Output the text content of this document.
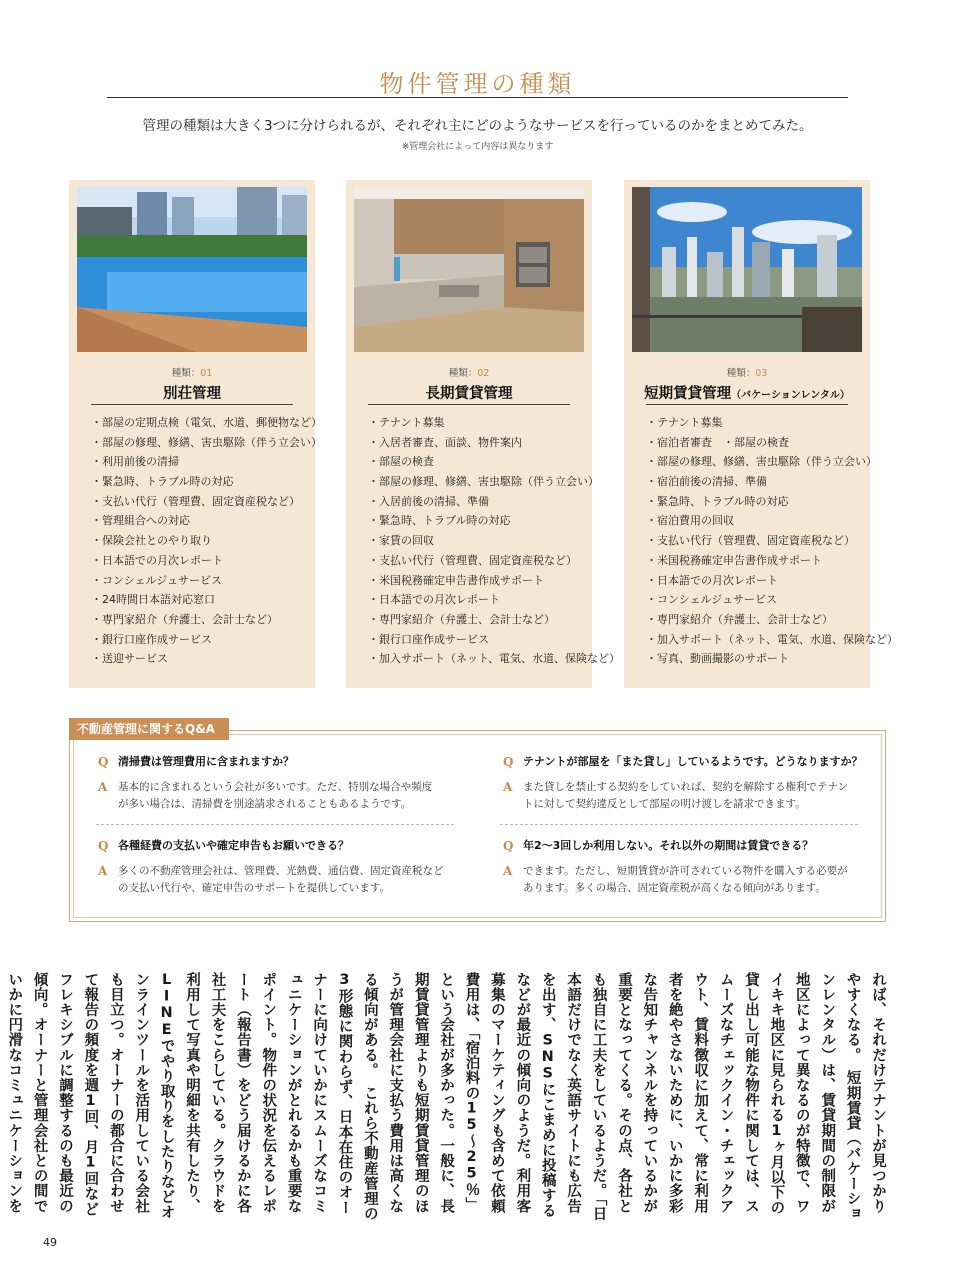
物件管理の種類
管理の種類は大きく3つに分けられるが、それぞれ主にどのようなサービスを行っているのかをまとめてみた。
※管理会社によって内容は異なります
種類：01
別荘管理
・ 部屋の定期点検（電気、水道、郵便物など）
・ 部屋の修理、修繕、害虫駆除（伴う立会い）
・ 利用前後の清掃
・ 緊急時、トラブル時の対応
・ 支払い代行（管理費、固定資産税など）
・ 管理組合への対応
・ 保険会社とのやり取り
・ 日本語での月次レポート
・ コンシェルジュサービス
・ 24時間日本語対応窓口
・ 専門家紹介（弁護士、会計士など）
・ 銀行口座作成サービス
・ 送迎サービス
種類：02
長期賃貸管理
・ テナント募集
・ 入居者審査、面談、物件案内
・ 部屋の検査
・ 部屋の修理、修繕、害虫駆除（伴う立会い）
・ 入居前後の清掃、準備
・ 緊急時、トラブル時の対応
・ 家賃の回収
・ 支払い代行（管理費、固定資産税など）
・ 米国税務確定申告書作成サポート
・ 日本語での月次レポート
・ 専門家紹介（弁護士、会計士など）
・ 銀行口座作成サービス
・ 加入サポート（ネット、電気、水道、保険など）
種類：03
短期賃貸管理（バケーションレンタル）
・ テナント募集
・ 宿泊者審査　・部屋の検査
・ 部屋の修理、修繕、害虫駆除（伴う立会い）
・ 宿泊前後の清掃、準備
・ 緊急時、トラブル時の対応
・ 宿泊費用の回収
・ 支払い代行（管理費、固定資産税など）
・ 米国税務確定申告書作成サポート
・ 日本語での月次レポート
・ コンシェルジュサービス
・ 専門家紹介（弁護士、会計士など）
・ 加入サポート（ネット、電気、水道、保険など）
・ 写真、動画撮影のサポート
不動産管理に関するQ&A
Q 清掃費は管理費用に含まれますか？
A 基本的に含まれるという会社が多いです。ただ、特別な場合や頻度
が多い場合は、清掃費を別途請求されることもあるようです。
Q テナントが部屋を「また貸し」しているようです。どうなりますか？
A また貸しを禁止する契約をしていれば、契約を解除する権利でテナン
トに対して契約違反として部屋の明け渡しを請求できます。
Q 各種経費の支払いや確定申告もお願いできる？
A 多くの不動産管理会社は、管理費、光熱費、通信費、固定資産税など
の支払い代行や、確定申告のサポートを提供しています。
Q 年2〜3回しか利用しない。それ以外の期間は賃貸できる？
A できます。ただし、短期賃貸が許可されている物件を購入する必要が
あります。多くの場合、固定資産税が高くなる傾向があります。
れば、それだけテナントが見つかりやすくなる。　短期賃貸（バケーションレンタル）は、賃貸期間の制限が地区によって異なるのが特徴で、ワイキキ地区に見られる1ヶ月以下の貸し出し可能な物件に関しては、スムーズなチェックイン・チェックアウト、賃料徴収に加えて、常に利用者を絶やさないために、いかに多彩な告知チャンネルを持っているかが重要となってくる。その点、各社とも独自に工夫をしているようだ。「日本語だけでなく英語サイトにも広告を出す、SNSにこまめに投稿するなどが最近の傾向のようだ。利用客募集のマーケティングも含めて依頼費用は、「宿泊料の15〜25％」という会社が多かった。一般に、長期賃貸管理よりも短期賃貸管理のほうが管理会社に支払う費用は高くなる傾向がある。　これら不動産管理の3形態に関わらず、日本在住のオーナーに向けていかにスムーズなコミュニケーションがとれるかも重要なポイント。物件の状況を伝えるレポート（報告書）をどう届けるかに各社工夫をこらしている。クラウドを利用して写真や明細を共有したり、LINEでやり取りをしたりなどオンラインツールを活用している会社も目立つ。オーナーの都合に合わせて報告の頻度を週1回、月1回などフレキシブルに調整するのも最近の傾向。オーナーと管理会社との間でいかに円滑なコミュニケーションを
49
